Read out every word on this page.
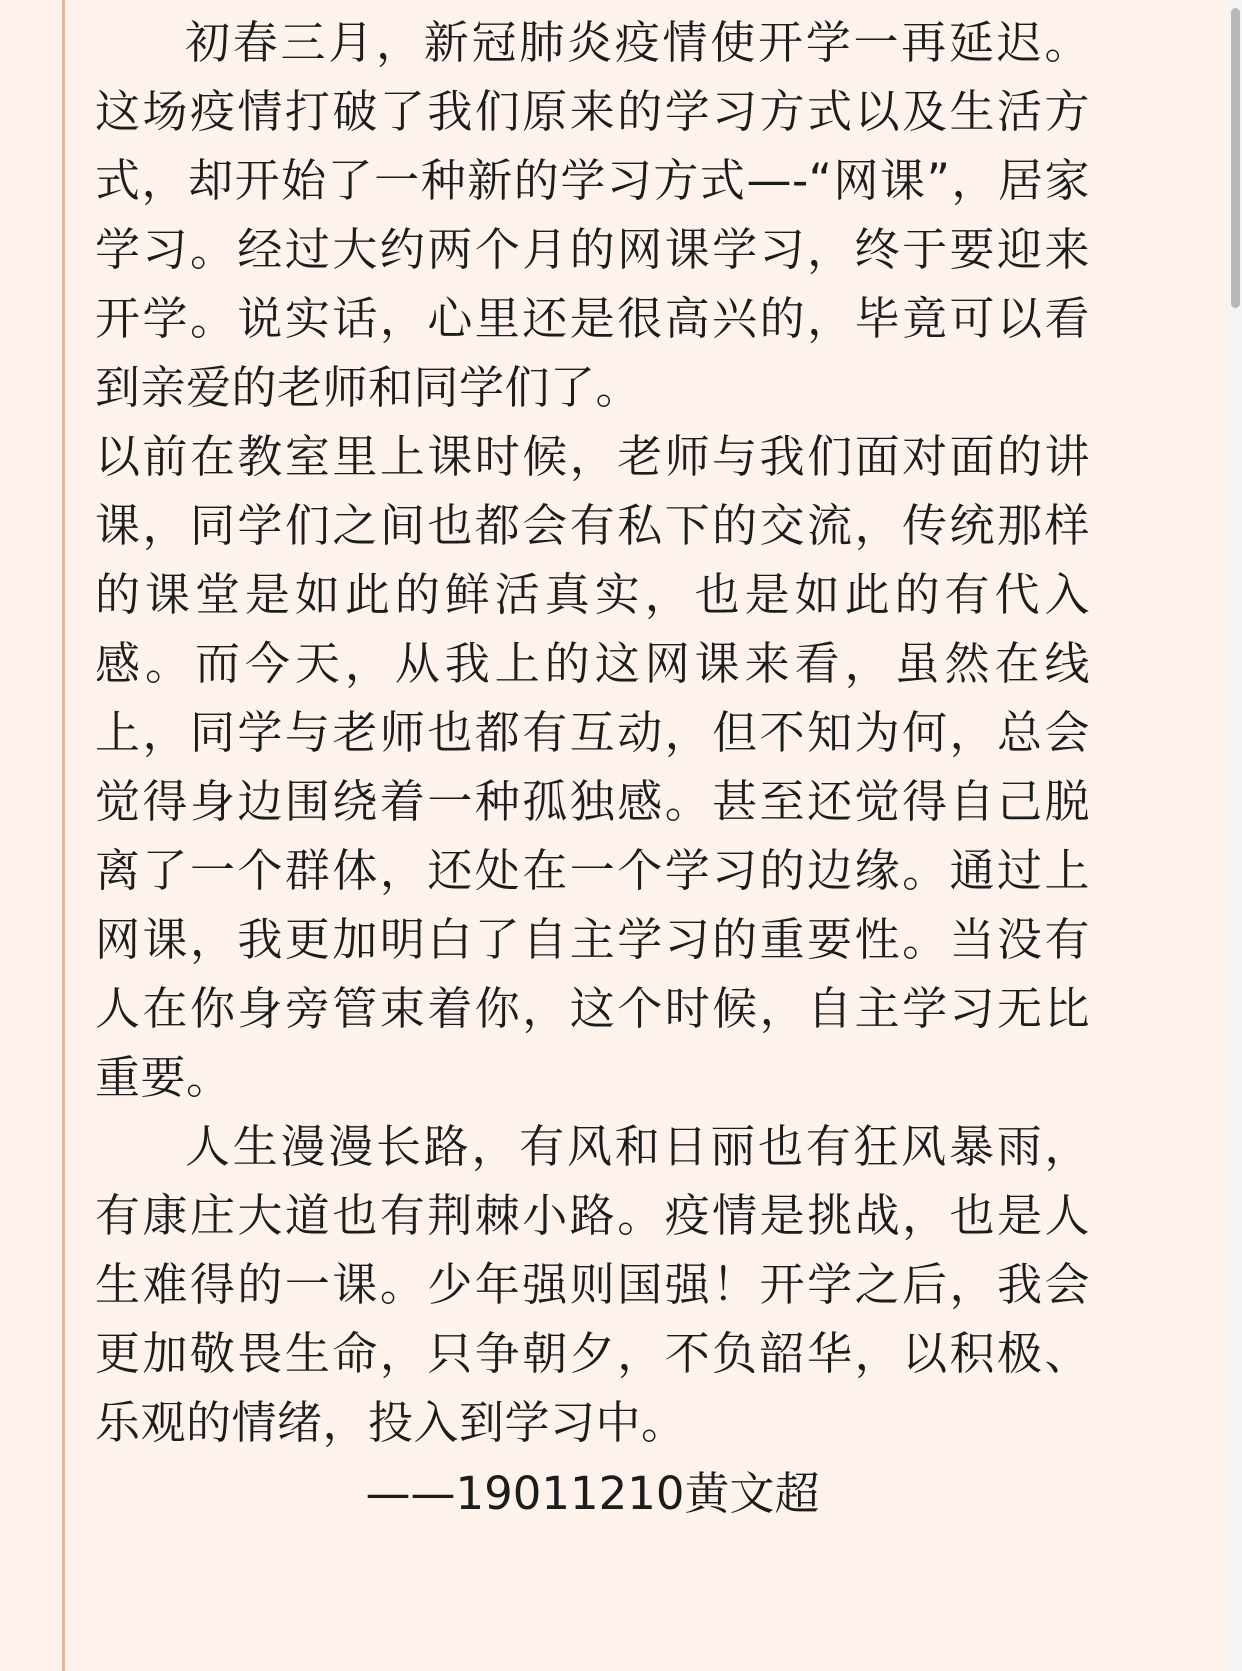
初春三月，新冠肺炎疫情使开学一再延迟。这场疫情打破了我们原来的学习方式以及生活方式，却开始了一种新的学习方式—-“网课”，居家学习。经过大约两个月的网课学习，终于要迎来开学。说实话，心里还是很高兴的，毕竟可以看到亲爱的老师和同学们了。

以前在教室里上课时候，老师与我们面对面的讲课，同学们之间也都会有私下的交流，传统那样的课堂是如此的鲜活真实，也是如此的有代入感。而今天，从我上的这网课来看，虽然在线上，同学与老师也都有互动，但不知为何，总会觉得身边围绕着一种孤独感。甚至还觉得自己脱离了一个群体，还处在一个学习的边缘。通过上网课，我更加明白了自主学习的重要性。当没有人在你身旁管束着你，这个时候，自主学习无比重要。

人生漫漫长路，有风和日丽也有狂风暴雨，有康庄大道也有荆棘小路。疫情是挑战，也是人生难得的一课。少年强则国强！开学之后，我会更加敬畏生命，只争朝夕，不负韶华，以积极、乐观的情绪，投入到学习中。

——19011210黄文超
